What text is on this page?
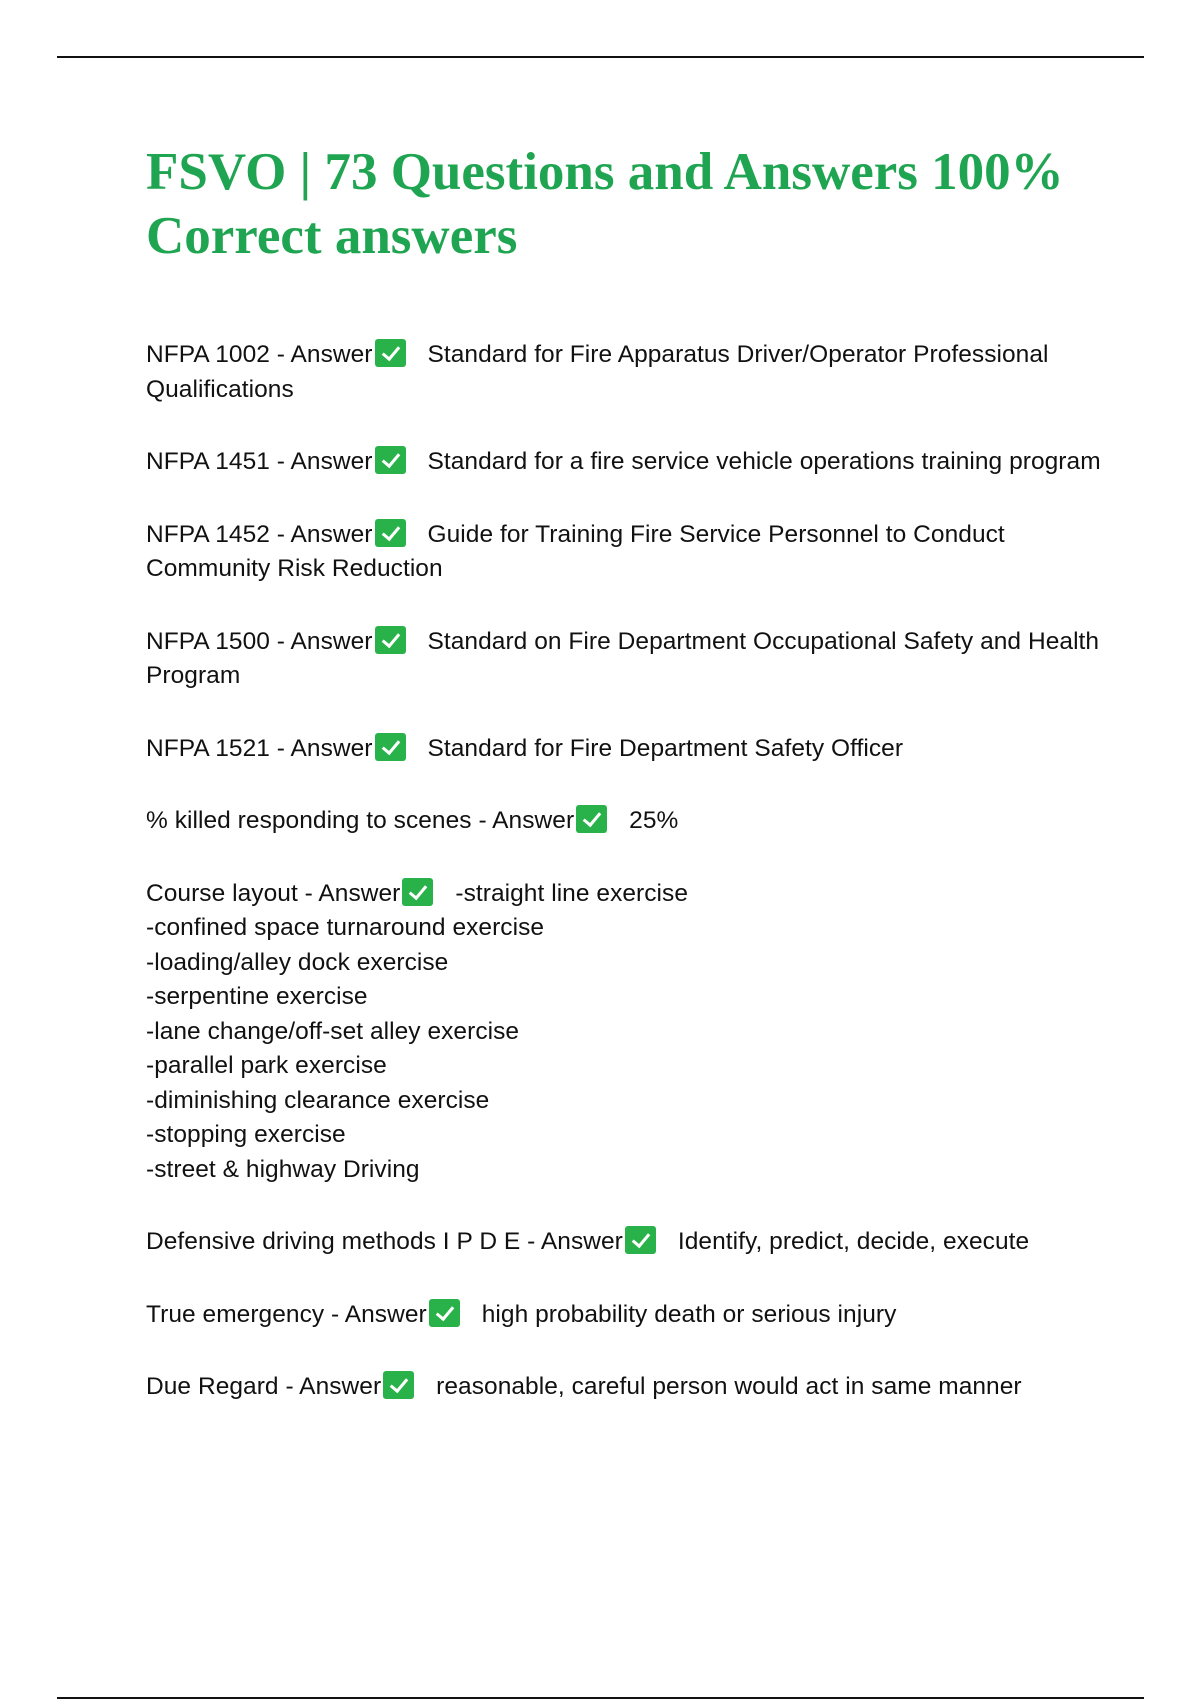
FSVO | 73 Questions and Answers 100% Correct answers

NFPA 1002 - Answer Standard for Fire Apparatus Driver/Operator Professional Qualifications

NFPA 1451 - Answer Standard for a fire service vehicle operations training program

NFPA 1452 - Answer Guide for Training Fire Service Personnel to Conduct Community Risk Reduction

NFPA 1500 - Answer Standard on Fire Department Occupational Safety and Health Program

NFPA 1521 - Answer Standard for Fire Department Safety Officer

% killed responding to scenes - Answer 25%

Course layout - Answer -straight line exercise
-confined space turnaround exercise
-loading/alley dock exercise
-serpentine exercise
-lane change/off-set alley exercise
-parallel park exercise
-diminishing clearance exercise
-stopping exercise
-street & highway Driving

Defensive driving methods I P D E - Answer Identify, predict, decide, execute

True emergency - Answer high probability death or serious injury

Due Regard - Answer reasonable, careful person would act in same manner
